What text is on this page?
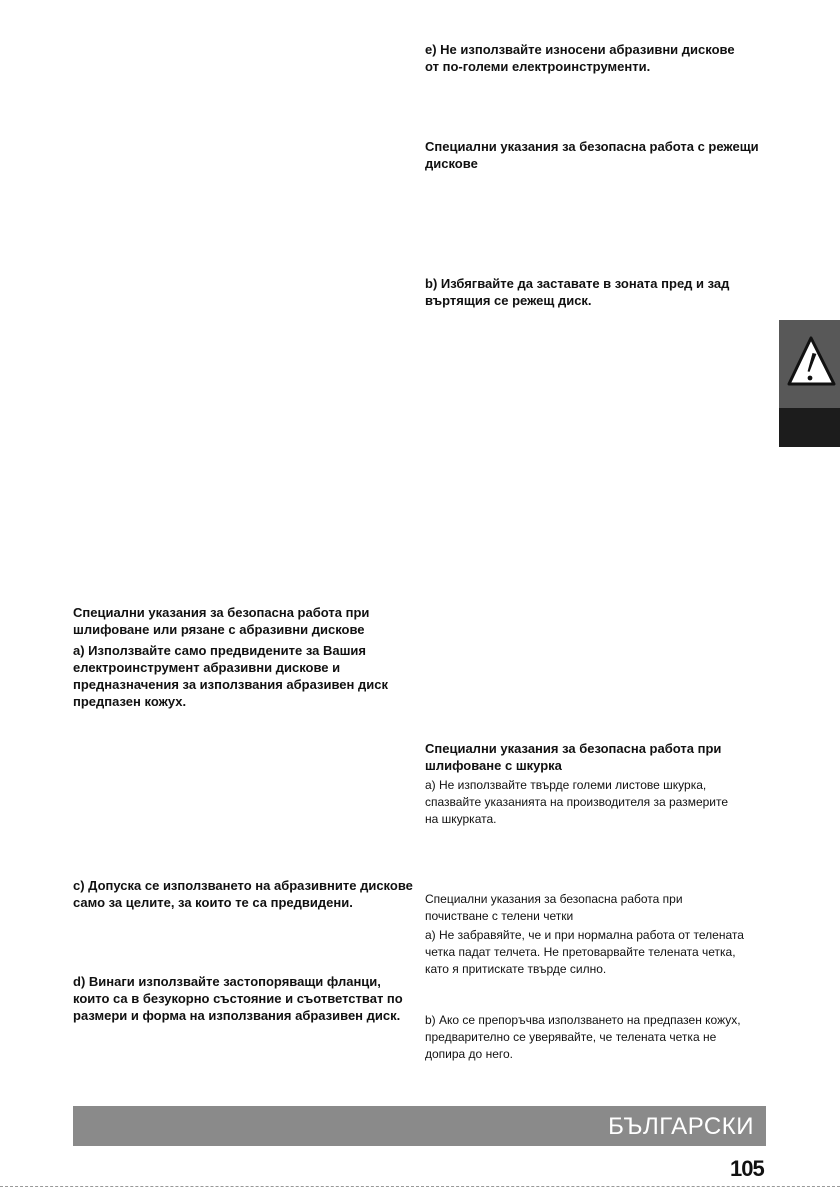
е) Не използвайте износени абразивни дискове
от по-големи електроинструменти.

Специални указания за безопасна работа с режещи
дискове

b) Избягвайте да заставате в зоната пред и зад
въртящия се режещ диск.

Специални указания за безопасна работа при
шлифоване или рязане с абразивни дискове

а) Използвайте само предвидените за Вашия
електроинструмент абразивни дискове и
предназначения за използвания абразивен диск
предпазен кожух.

Специални указания за безопасна работа при
шлифоване с шкурка

а) Не използвайте твърде големи листове шкурка,
спазвайте указанията на производителя за размерите
на шкурката.

с) Допуска се използването на абразивните дискове
само за целите, за които те са предвидени.	Специални указания за безопасна работа при
почистване с телени четки

а) Не забравяйте, че и при нормална работа от телената
четка падат телчета. Не претоварвайте телената четка,
като я притискате твърде силно.

d) Винаги използвайте застопоряващи фланци,
които са в безукорно състояние и съответстват по
размери и форма на използвания абразивен диск. b) Ако се препоръчва използването на предпазен кожух,
предварително се уверявайте, че телената четка не
допира до него.

БЪЛГАРСКИ
105
